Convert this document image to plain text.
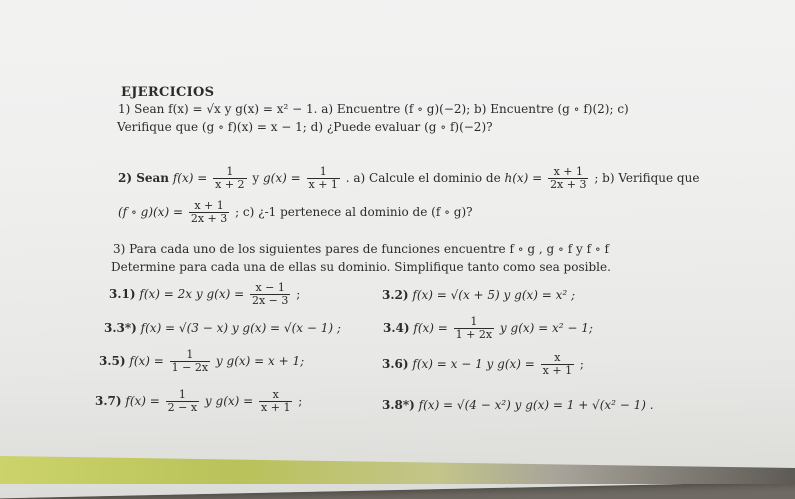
EJERCICIOS
1) Sean f(x) = √x y g(x) = x² − 1. a) Encuentre (f ∘ g)(−2); b) Encuentre (g ∘ f)(2); c)
Verifique que (g ∘ f)(x) = x − 1; d) ¿Puede evaluar (g ∘ f)(−2)?
2) Sean $f(x) = \frac{1}{x + 2}$ y $g(x) = \frac{1}{x + 1}$ . a) Calcule el dominio de $h(x) = \frac{x + 1}{2x + 3}$ ; b) Verifique que
(f ∘ $g)(x) = \frac{x + 1}{2x + 3}$ ; c) ¿-1 pertenece al dominio de (f ∘ g)?
3) Para cada uno de los siguientes pares de funciones encuentre f ∘ g , g ∘ f y f ∘ f
Determine para cada una de ellas su dominio. Simplifique tanto como sea posible.
3.1) f(x) = 2x y $g(x) = \frac{x - 1}{2x - 3}$ ;	3.2) f(x) = √(x + 5) y g(x) = x² ;
3.3*) f(x) = √(3 − x) y g(x) = √(x − 1) ;	3.4) $f(x) = \frac{1}{1 + 2x}$ y g(x) = x² − 1;
3.5) $f(x) = \frac{1}{1 - 2x}$ y g(x) = x + 1;	3.6) f(x) = x − 1 y $g(x) = \frac{x}{x + 1}$ ;
3.7) $f(x) = \frac{1}{2 - x}$ y $g(x) = \frac{x}{x + 1}$ ;	3.8*) f(x) = √(4 − x²) y g(x) = 1 + √(x² − 1) .
